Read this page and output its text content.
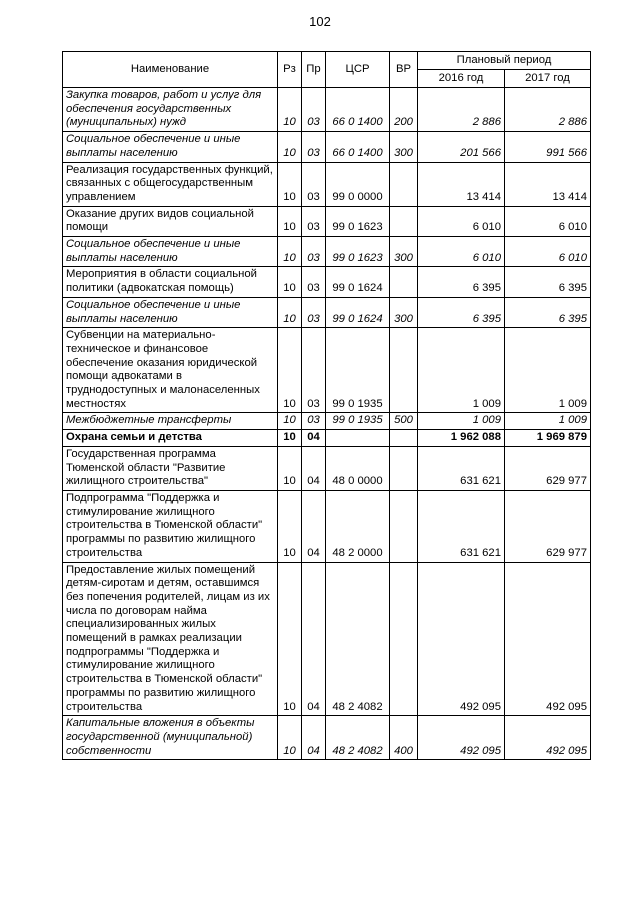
102
Наименование	Рз	Пр	ЦСР	ВР	Плановый период	
					2016 год	2017 год
Закупка товаров, работ и услуг для обеспечения государственных (муниципальных) нужд	10	03	66 0 1400	200	2 886	2 886
Социальное обеспечение и иные выплаты населению	10	03	66 0 1400	300	201 566	991 566
Реализация государственных функций, связанных с общегосударственным управлением	10	03	99 0 0000		13 414	13 414
Оказание других видов социальной помощи	10	03	99 0 1623		6 010	6 010
Социальное обеспечение и иные выплаты населению	10	03	99 0 1623	300	6 010	6 010
Мероприятия в области социальной политики (адвокатская помощь)	10	03	99 0 1624		6 395	6 395
Социальное обеспечение и иные выплаты населению	10	03	99 0 1624	300	6 395	6 395
Субвенции на материально-техническое и финансовое обеспечение оказания юридической помощи адвокатами в труднодоступных и малонаселенных местностях	10	03	99 0 1935		1 009	1 009
Межбюджетные трансферты	10	03	99 0 1935	500	1 009	1 009
Охрана семьи и детства	10	04			1 962 088	1 969 879
Государственная программа Тюменской области "Развитие жилищного строительства"	10	04	48 0 0000		631 621	629 977
Подпрограмма "Поддержка и стимулирование жилищного строительства в Тюменской области" программы по развитию жилищного строительства	10	04	48 2 0000		631 621	629 977
Предоставление жилых помещений детям-сиротам и детям, оставшимся без попечения родителей, лицам из их числа по договорам найма специализированных жилых помещений в рамках реализации подпрограммы "Поддержка и стимулирование жилищного строительства в Тюменской области" программы по развитию жилищного строительства	10	04	48 2 4082		492 095	492 095
Капитальные вложения в объекты государственной (муниципальной) собственности	10	04	48 2 4082	400	492 095	492 095
